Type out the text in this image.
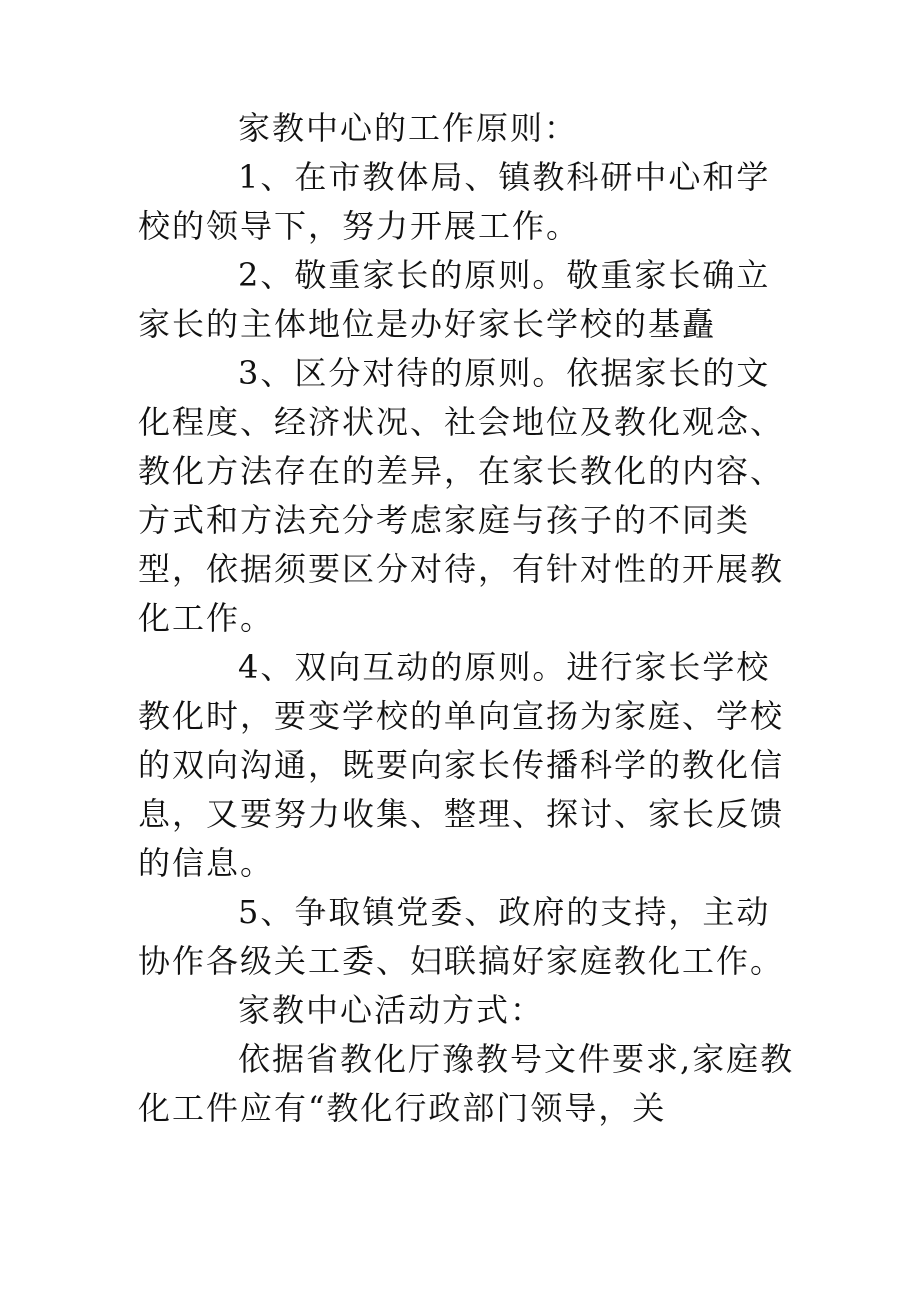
家教中心的工作原则：

1、在市教体局、镇教科研中心和学校的领导下，努力开展工作。

2、敬重家长的原则。敬重家长确立家长的主体地位是办好家长学校的基矗

3、区分对待的原则。依据家长的文化程度、经济状况、社会地位及教化观念、教化方法存在的差异，在家长教化的内容、方式和方法充分考虑家庭与孩子的不同类型，依据须要区分对待，有针对性的开展教化工作。

4、双向互动的原则。进行家长学校教化时，要变学校的单向宣扬为家庭、学校的双向沟通，既要向家长传播科学的教化信息，又要努力收集、整理、探讨、家长反馈的信息。

5、争取镇党委、政府的支持，主动协作各级关工委、妇联搞好家庭教化工作。

家教中心活动方式：

依据省教化厅豫教号文件要求,家庭教化工件应有“教化行政部门领导，关
